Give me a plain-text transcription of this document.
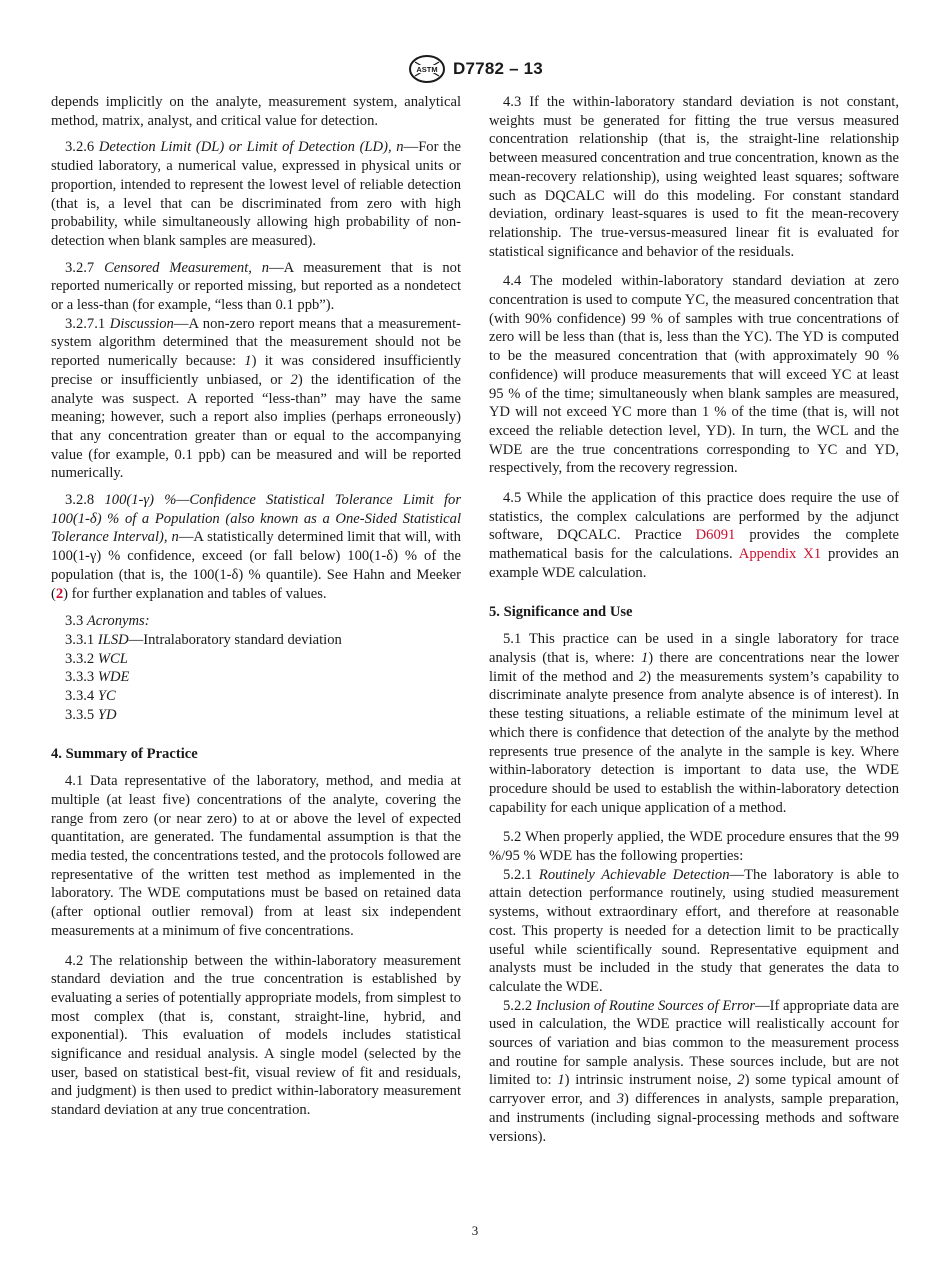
ASTM D7782 – 13

depends implicitly on the analyte, measurement system, analytical method, matrix, analyst, and critical value for detection.

3.2.6 Detection Limit (DL) or Limit of Detection (LD), n—For the studied laboratory, a numerical value, expressed in physical units or proportion, intended to represent the lowest level of reliable detection (that is, a level that can be discriminated from zero with high probability, while simultaneously allowing high probability of non-detection when blank samples are measured).

3.2.7 Censored Measurement, n—A measurement that is not reported numerically or reported missing, but reported as a nondetect or a less-than (for example, “less than 0.1 ppb”).

3.2.7.1 Discussion—A non-zero report means that a measurement-system algorithm determined that the measurement should not be reported numerically because: 1) it was considered insufficiently precise or insufficiently unbiased, or 2) the identification of the analyte was suspect. A reported “less-than” may have the same meaning; however, such a report also implies (perhaps erroneously) that any concentration greater than or equal to the accompanying value (for example, 0.1 ppb) can be measured and will be reported numerically.

3.2.8 100(1-γ) %—Confidence Statistical Tolerance Limit for 100(1-δ) % of a Population (also known as a One-Sided Statistical Tolerance Interval), n—A statistically determined limit that will, with 100(1-γ) % confidence, exceed (or fall below) 100(1-δ) % of the population (that is, the 100(1-δ) % quantile). See Hahn and Meeker (2) for further explanation and tables of values.

3.3 Acronyms:
3.3.1 ILSD—Intralaboratory standard deviation
3.3.2 WCL
3.3.3 WDE
3.3.4 YC
3.3.5 YD
4. Summary of Practice

4.1 Data representative of the laboratory, method, and media at multiple (at least five) concentrations of the analyte, covering the range from zero (or near zero) to at or above the level of expected quantitation, are generated. The fundamental assumption is that the media tested, the concentrations tested, and the protocols followed are representative of the written test method as implemented in the laboratory. The WDE computations must be based on retained data (after optional outlier removal) from at least six independent measurements at a minimum of five concentrations.

4.2 The relationship between the within-laboratory measurement standard deviation and the true concentration is established by evaluating a series of potentially appropriate models, from simplest to most complex (that is, constant, straight-line, hybrid, and exponential). This evaluation of models includes statistical significance and residual analysis. A single model (selected by the user, based on statistical best-fit, visual review of fit and residuals, and judgment) is then used to predict within-laboratory measurement standard deviation at any true concentration.

4.3 If the within-laboratory standard deviation is not constant, weights must be generated for fitting the true versus measured concentration relationship (that is, the straight-line relationship between measured concentration and true concentration, known as the mean-recovery relationship), using weighted least squares; software such as DQCALC will do this modeling. For constant standard deviation, ordinary least-squares is used to fit the mean-recovery relationship. The true-versus-measured linear fit is evaluated for statistical significance and behavior of the residuals.

4.4 The modeled within-laboratory standard deviation at zero concentration is used to compute YC, the measured concentration that (with 90% confidence) 99 % of samples with true concentrations of zero will be less than (that is, less than the YC). The YD is computed to be the measured concentration that (with approximately 90 % confidence) will produce measurements that will exceed YC at least 95 % of the time; simultaneously when blank samples are measured, YD will not exceed YC more than 1 % of the time (that is, will not exceed the reliable detection level, YD). In turn, the WCL and the WDE are the true concentrations corresponding to YC and YD, respectively, from the recovery regression.

4.5 While the application of this practice does require the use of statistics, the complex calculations are performed by the adjunct software, DQCALC. Practice D6091 provides the complete mathematical basis for the calculations. Appendix X1 provides an example WDE calculation.

5. Significance and Use

5.1 This practice can be used in a single laboratory for trace analysis (that is, where: 1) there are concentrations near the lower limit of the method and 2) the measurements system’s capability to discriminate analyte presence from analyte absence is of interest). In these testing situations, a reliable estimate of the minimum level at which there is confidence that detection of the analyte by the method represents true presence of the analyte in the sample is key. Where within-laboratory detection is important to data use, the WDE procedure should be used to establish the within-laboratory detection capability for each unique application of a method.

5.2 When properly applied, the WDE procedure ensures that the 99 %/95 % WDE has the following properties:

5.2.1 Routinely Achievable Detection—The laboratory is able to attain detection performance routinely, using studied measurement systems, without extraordinary effort, and therefore at reasonable cost. This property is needed for a detection limit to be practically useful while scientifically sound. Representative equipment and analysts must be included in the study that generates the data to calculate the WDE.

5.2.2 Inclusion of Routine Sources of Error—If appropriate data are used in calculation, the WDE practice will realistically account for sources of variation and bias common to the measurement process and routine for sample analysis. These sources include, but are not limited to: 1) intrinsic instrument noise, 2) some typical amount of carryover error, and 3) differences in analysts, sample preparation, and instruments (including signal-processing methods and software versions).

3
